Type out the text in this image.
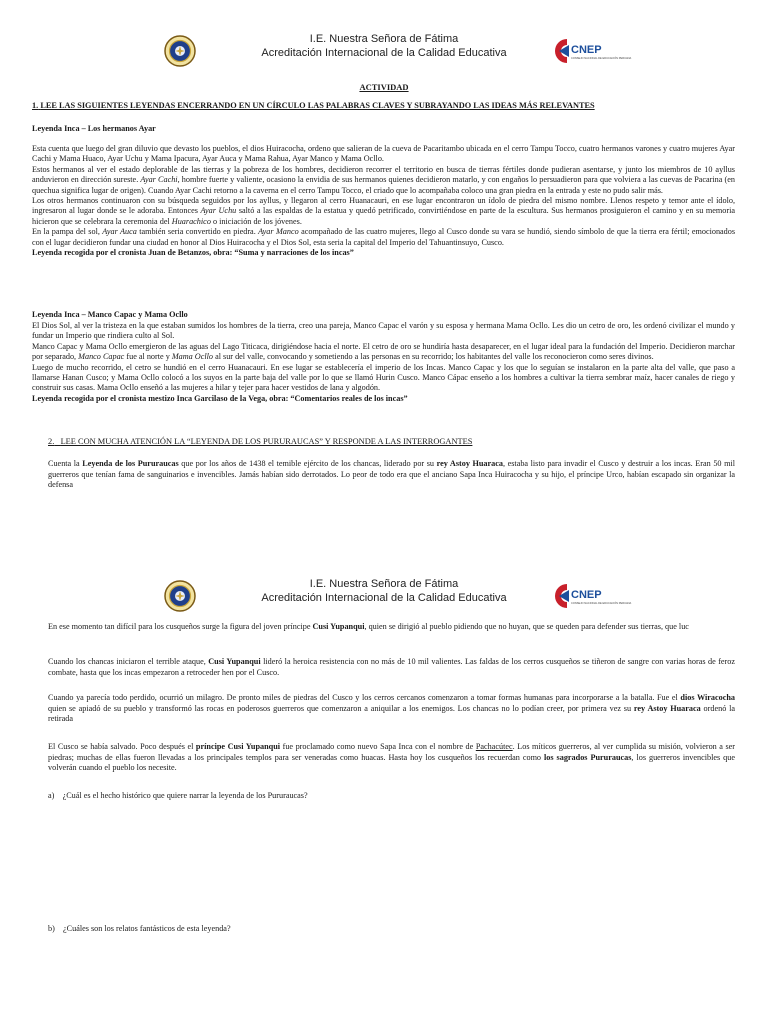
I.E. Nuestra Señora de Fátima
Acreditación Internacional de la Calidad Educativa	CNEP
CONSEJO NACIONAL DE EDUCACIÓN PERUANA
ACTIVIDAD
1. LEE LAS SIGUIENTES LEYENDAS ENCERRANDO EN UN CÍRCULO LAS PALABRAS CLAVES Y SUBRAYANDO LAS IDEAS MÁS RELEVANTES
Leyenda Inca – Los hermanos Ayar
Esta cuenta que luego del gran diluvio que devasto los pueblos, el dios Huiracocha, ordeno que salieran de la cueva de Pacaritambo ubicada en el cerro Tampu Tocco, cuatro hermanos varones y cuatro mujeres Ayar Cachi y Mama Huaco, Ayar Uchu y Mama Ipacura, Ayar Auca y Mama Rahua, Ayar Manco y Mama Ocllo.
Estos hermanos al ver el estado deplorable de las tierras y la pobreza de los hombres, decidieron recorrer el territorio en busca de tierras fértiles donde pudieran asentarse, y junto los miembros de 10 ayllus anduvieron en dirección sureste. Ayar Cachi, hombre fuerte y valiente, ocasiono la envidia de sus hermanos quienes decidieron matarlo, y con engaños lo persuadieron para que volviera a las cuevas de Pacarina (en quechua significa lugar de origen). Cuando Ayar Cachi retorno a la caverna en el cerro Tampu Tocco, el criado que lo acompañaba coloco una gran piedra en la entrada y este no pudo salir más.
Los otros hermanos continuaron con su búsqueda seguidos por los ayllus, y llegaron al cerro Huanacauri, en ese lugar encontraron un ídolo de piedra del mismo nombre. Llenos respeto y temor ante el ídolo, ingresaron al lugar donde se le adoraba. Entonces Ayar Uchu saltó a las espaldas de la estatua y quedó petrificado, convirtiéndose en parte de la escultura. Sus hermanos prosiguieron el camino y en su memoria hicieron que se celebrara la ceremonia del Huarachico o iniciación de los jóvenes.
En la pampa del sol, Ayar Auca también seria convertido en piedra. Ayar Manco acompañado de las cuatro mujeres, llego al Cusco donde su vara se hundió, siendo símbolo de que la tierra era fértil; emocionados con el lugar decidieron fundar una ciudad en honor al Dios Huiracocha y el Dios Sol, esta seria la capital del Imperio del Tahuantinsuyo, Cusco.
Leyenda recogida por el cronista Juan de Betanzos, obra: “Suma y narraciones de los incas”
Leyenda Inca – Manco Capac y Mama Ocllo
El Dios Sol, al ver la tristeza en la que estaban sumidos los hombres de la tierra, creo una pareja, Manco Capac el varón y su esposa y hermana Mama Ocllo. Les dio un cetro de oro, les ordenó civilizar el mundo y fundar un Imperio que rindiera culto al Sol.
Manco Capac y Mama Ocllo emergieron de las aguas del Lago Titicaca, dirigiéndose hacia el norte. El cetro de oro se hundiría hasta desaparecer, en el lugar ideal para la fundación del Imperio. Decidieron marchar por separado, Manco Capac fue al norte y Mama Ocllo al sur del valle, convocando y sometiendo a las personas en su recorrido; los habitantes del valle los reconocieron como seres divinos.
Luego de mucho recorrido, el cetro se hundió en el cerro Huanacauri. En ese lugar se establecería el imperio de los Incas. Manco Capac y los que lo seguían se instalaron en la parte alta del valle, que paso a llamarse Hanan Cusco; y Mama Ocllo colocó a los suyos en la parte baja del valle por lo que se llamó Hurin Cusco. Manco Cápac enseño a los hombres a cultivar la tierra sembrar maíz, hacer canales de riego y construir sus casas. Mama Ocllo enseñó a las mujeres a hilar y tejer para hacer vestidos de lana y algodón.
Leyenda recogida por el cronista mestizo Inca Garcilaso de la Vega, obra: “Comentarios reales de los incas”
2. LEE CON MUCHA ATENCIÓN LA “LEYENDA DE LOS PURURAUCAS” Y RESPONDE A LAS INTERROGANTES
Cuenta la Leyenda de los Pururaucas que por los años de 1438 el temible ejército de los chancas, liderado por su rey Astoy Huaraca, estaba listo para invadir el Cusco y destruir a los incas. Eran 50 mil guerreros que tenían fama de sanguinarios e invencibles. Jamás habían sido derrotados. Lo peor de todo era que el anciano Sapa Inca Huiracocha y su hijo, el príncipe Urco, habían escapado sin organizar la defensa
I.E. Nuestra Señora de Fátima
Acreditación Internacional de la Calidad Educativa	CNEP
CONSEJO NACIONAL DE EDUCACIÓN PERUANA
En ese momento tan difícil para los cusqueños surge la figura del joven príncipe Cusi Yupanqui, quien se dirigió al pueblo pidiendo que no huyan, que se queden para defender sus tierras, que luc
Cuando los chancas iniciaron el terrible ataque, Cusi Yupanqui lideró la heroica resistencia con no más de 10 mil valientes. Las faldas de los cerros cusqueños se tiñeron de sangre con varias horas de feroz combate, hasta que los incas empezaron a retroceder hen por el Cusco.
Cuando ya parecía todo perdido, ocurrió un milagro. De pronto miles de piedras del Cusco y los cerros cercanos comenzaron a tomar formas humanas para incorporarse a la batalla. Fue el dios Wiracocha quien se apiadó de su pueblo y transformó las rocas en poderosos guerreros que comenzaron a aniquilar a los enemigos. Los chancas no lo podían creer, por primera vez su rey Astoy Huaraca ordenó la retirada
El Cusco se había salvado. Poco después el príncipe Cusi Yupanqui fue proclamado como nuevo Sapa Inca con el nombre de Pachacútec. Los míticos guerreros, al ver cumplida su misión, volvieron a ser piedras; muchas de ellas fueron llevadas a los principales templos para ser veneradas como huacas. Hasta hoy los cusqueños los recuerdan como los sagrados Pururaucas, los guerreros invencibles que volverán cuando el pueblo los necesite.
a) ¿Cuál es el hecho histórico que quiere narrar la leyenda de los Pururaucas?
b) ¿Cuáles son los relatos fantásticos de esta leyenda?
